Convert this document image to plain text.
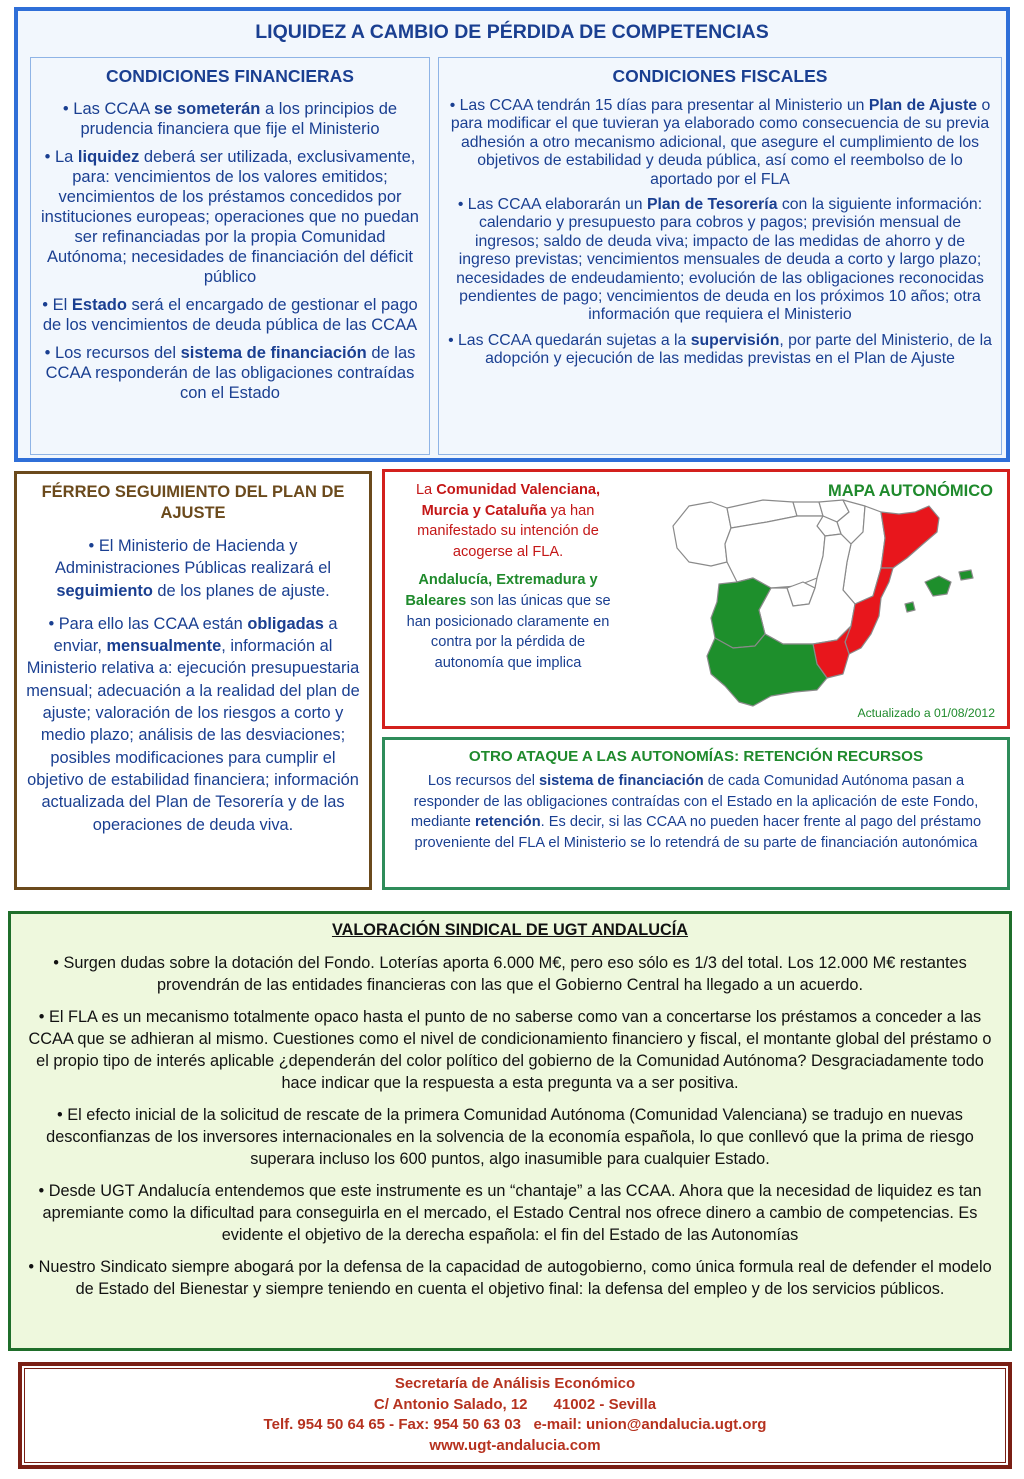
LIQUIDEZ A CAMBIO DE PÉRDIDA DE COMPETENCIAS
CONDICIONES FINANCIERAS

• Las CCAA se someterán a los principios de prudencia financiera que fije el Ministerio

• La liquidez deberá ser utilizada, exclusivamente, para: vencimientos de los valores emitidos; vencimientos de los préstamos concedidos por instituciones europeas; operaciones que no puedan ser refinanciadas por la propia Comunidad Autónoma; necesidades de financiación del déficit público

• El Estado será el encargado de gestionar el pago de los vencimientos de deuda pública de las CCAA

• Los recursos del sistema de financiación de las CCAA responderán de las obligaciones contraídas con el Estado

CONDICIONES FISCALES

• Las CCAA tendrán 15 días para presentar al Ministerio un Plan de Ajuste o para modificar el que tuvieran ya elaborado como consecuencia de su previa adhesión a otro mecanismo adicional, que asegure el cumplimiento de los objetivos de estabilidad y deuda pública, así como el reembolso de lo aportado por el FLA

• Las CCAA elaborarán un Plan de Tesorería con la siguiente información: calendario y presupuesto para cobros y pagos; previsión mensual de ingresos; saldo de deuda viva; impacto de las medidas de ahorro y de ingreso previstas; vencimientos mensuales de deuda a corto y largo plazo; necesidades de endeudamiento; evolución de las obligaciones reconocidas pendientes de pago; vencimientos de deuda en los próximos 10 años; otra información que requiera el Ministerio

• Las CCAA quedarán sujetas a la supervisión, por parte del Ministerio, de la adopción y ejecución de las medidas previstas en el Plan de Ajuste

FÉRREO SEGUIMIENTO DEL PLAN DE AJUSTE

• El Ministerio de Hacienda y Administraciones Públicas realizará el seguimiento de los planes de ajuste.

• Para ello las CCAA están obligadas a enviar, mensualmente, información al Ministerio relativa a: ejecución presupuestaria mensual; adecuación a la realidad del plan de ajuste; valoración de los riesgos a corto y medio plazo; análisis de las desviaciones; posibles modificaciones para cumplir el objetivo de estabilidad financiera; información actualizada del Plan de Tesorería y de las operaciones de deuda viva.

La Comunidad Valenciana, Murcia y Cataluña ya han manifestado su intención de acogerse al FLA.

Andalucía, Extremadura y Baleares son las únicas que se han posicionado claramente en contra por la pérdida de autonomía que implica

MAPA AUTONÓMICO
Actualizado a 01/08/2012
OTRO ATAQUE A LAS AUTONOMÍAS: RETENCIÓN RECURSOS

Los recursos del sistema de financiación de cada Comunidad Autónoma pasan a responder de las obligaciones contraídas con el Estado en la aplicación de este Fondo, mediante retención. Es decir, si las CCAA no pueden hacer frente al pago del préstamo proveniente del FLA el Ministerio se lo retendrá de su parte de financiación autonómica

VALORACIÓN SINDICAL DE UGT ANDALUCÍA

• Surgen dudas sobre la dotación del Fondo. Loterías aporta 6.000 M€, pero eso sólo es 1/3 del total. Los 12.000 M€ restantes provendrán de las entidades financieras con las que el Gobierno Central ha llegado a un acuerdo.

• El FLA es un mecanismo totalmente opaco hasta el punto de no saberse como van a concertarse los préstamos a conceder a las CCAA que se adhieran al mismo. Cuestiones como el nivel de condicionamiento financiero y fiscal, el montante global del préstamo o el propio tipo de interés aplicable ¿dependerán del color político del gobierno de la Comunidad Autónoma? Desgraciadamente todo hace indicar que la respuesta a esta pregunta va a ser positiva.

• El efecto inicial de la solicitud de rescate de la primera Comunidad Autónoma (Comunidad Valenciana) se tradujo en nuevas desconfianzas de los inversores internacionales en la solvencia de la economía española, lo que conllevó que la prima de riesgo superara incluso los 600 puntos, algo inasumible para cualquier Estado.

• Desde UGT Andalucía entendemos que este instrumente es un “chantaje” a las CCAA. Ahora que la necesidad de liquidez es tan apremiante como la dificultad para conseguirla en el mercado, el Estado Central nos ofrece dinero a cambio de competencias. Es evidente el objetivo de la derecha española: el fin del Estado de las Autonomías

• Nuestro Sindicato siempre abogará por la defensa de la capacidad de autogobierno, como única formula real de defender el modelo de Estado del Bienestar y siempre teniendo en cuenta el objetivo final: la defensa del empleo y de los servicios públicos.

Secretaría de Análisis Económico

C/ Antonio Salado, 12 41002 - Sevilla

Telf. 954 50 64 65 - Fax: 954 50 63 03 e-mail: union@andalucia.ugt.org

www.ugt-andalucia.com
